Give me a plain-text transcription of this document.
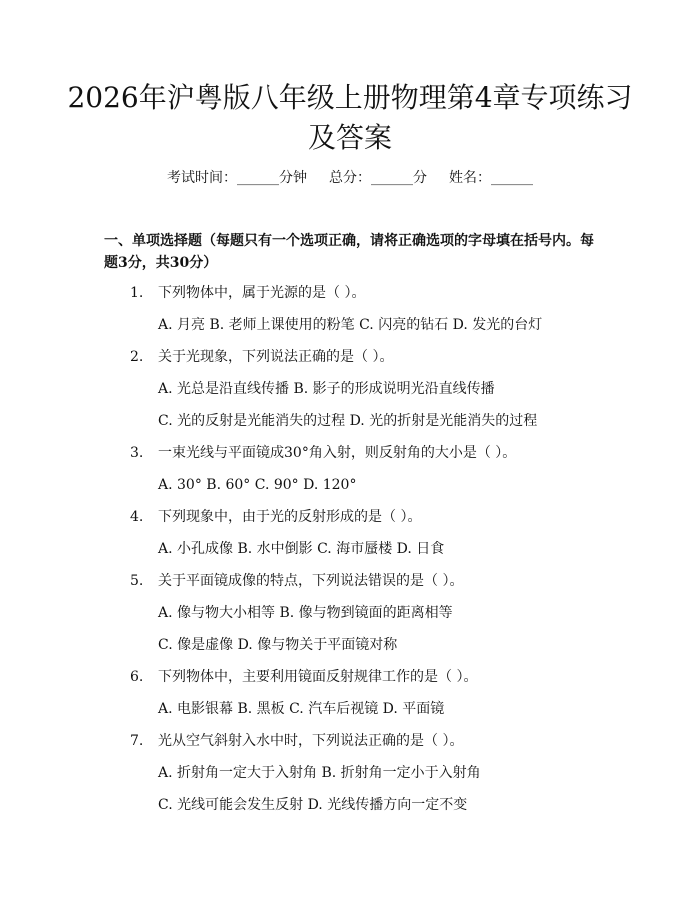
2026年沪粤版八年级上册物理第4章专项练习及答案
考试时间：______分钟 总分：______分 姓名：______
一、单项选择题（每题只有一个选项正确，请将正确选项的字母填在括号内。每题3分，共30分）
1. 下列物体中，属于光源的是（ ）。
A. 月亮 B. 老师上课使用的粉笔 C. 闪亮的钻石 D. 发光的台灯
2. 关于光现象，下列说法正确的是（ ）。
A. 光总是沿直线传播 B. 影子的形成说明光沿直线传播
C. 光的反射是光能消失的过程 D. 光的折射是光能消失的过程
3. 一束光线与平面镜成30°角入射，则反射角的大小是（ ）。
A. 30° B. 60° C. 90° D. 120°
4. 下列现象中，由于光的反射形成的是（ ）。
A. 小孔成像 B. 水中倒影 C. 海市蜃楼 D. 日食
5. 关于平面镜成像的特点，下列说法错误的是（ ）。
A. 像与物大小相等 B. 像与物到镜面的距离相等
C. 像是虚像 D. 像与物关于平面镜对称
6. 下列物体中，主要利用镜面反射规律工作的是（ ）。
A. 电影银幕 B. 黑板 C. 汽车后视镜 D. 平面镜
7. 光从空气斜射入水中时，下列说法正确的是（ ）。
A. 折射角一定大于入射角 B. 折射角一定小于入射角
C. 光线可能会发生反射 D. 光线传播方向一定不变
